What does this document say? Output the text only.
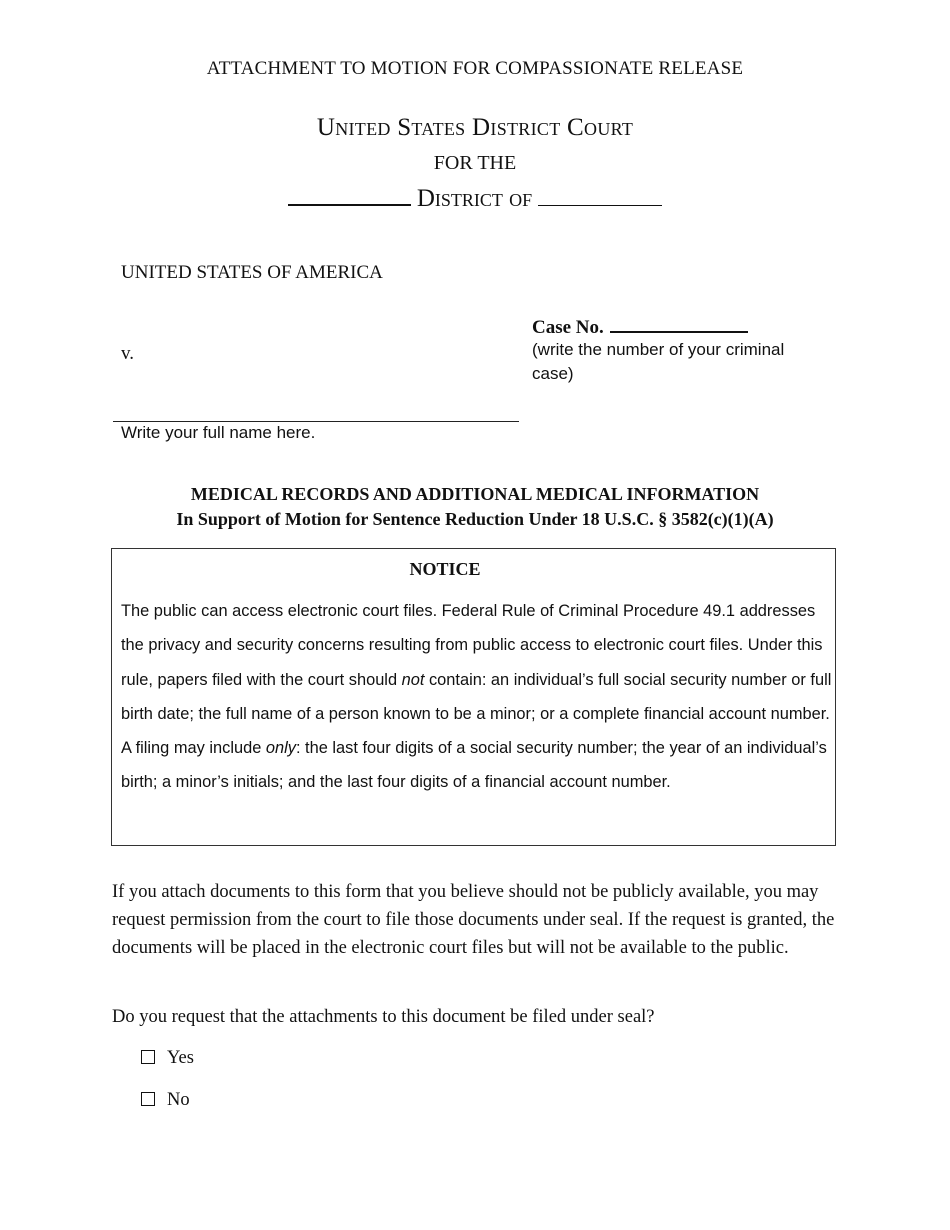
ATTACHMENT TO MOTION FOR COMPASSIONATE RELEASE
United States District Court
FOR THE
District of
UNITED STATES OF AMERICA
Case No.
(write the number of your criminal case)
v.
Write your full name here.
MEDICAL RECORDS AND ADDITIONAL MEDICAL INFORMATION
In Support of Motion for Sentence Reduction Under 18 U.S.C. § 3582(c)(1)(A)
NOTICE
The public can access electronic court files. Federal Rule of Criminal Procedure 49.1 addresses the privacy and security concerns resulting from public access to electronic court files. Under this rule, papers filed with the court should not contain: an individual’s full social security number or full birth date; the full name of a person known to be a minor; or a complete financial account number. A filing may include only: the last four digits of a social security number; the year of an individual’s birth; a minor’s initials; and the last four digits of a financial account number.
If you attach documents to this form that you believe should not be publicly available, you may request permission from the court to file those documents under seal. If the request is granted, the documents will be placed in the electronic court files but will not be available to the public.
Do you request that the attachments to this document be filed under seal?
Yes
No
